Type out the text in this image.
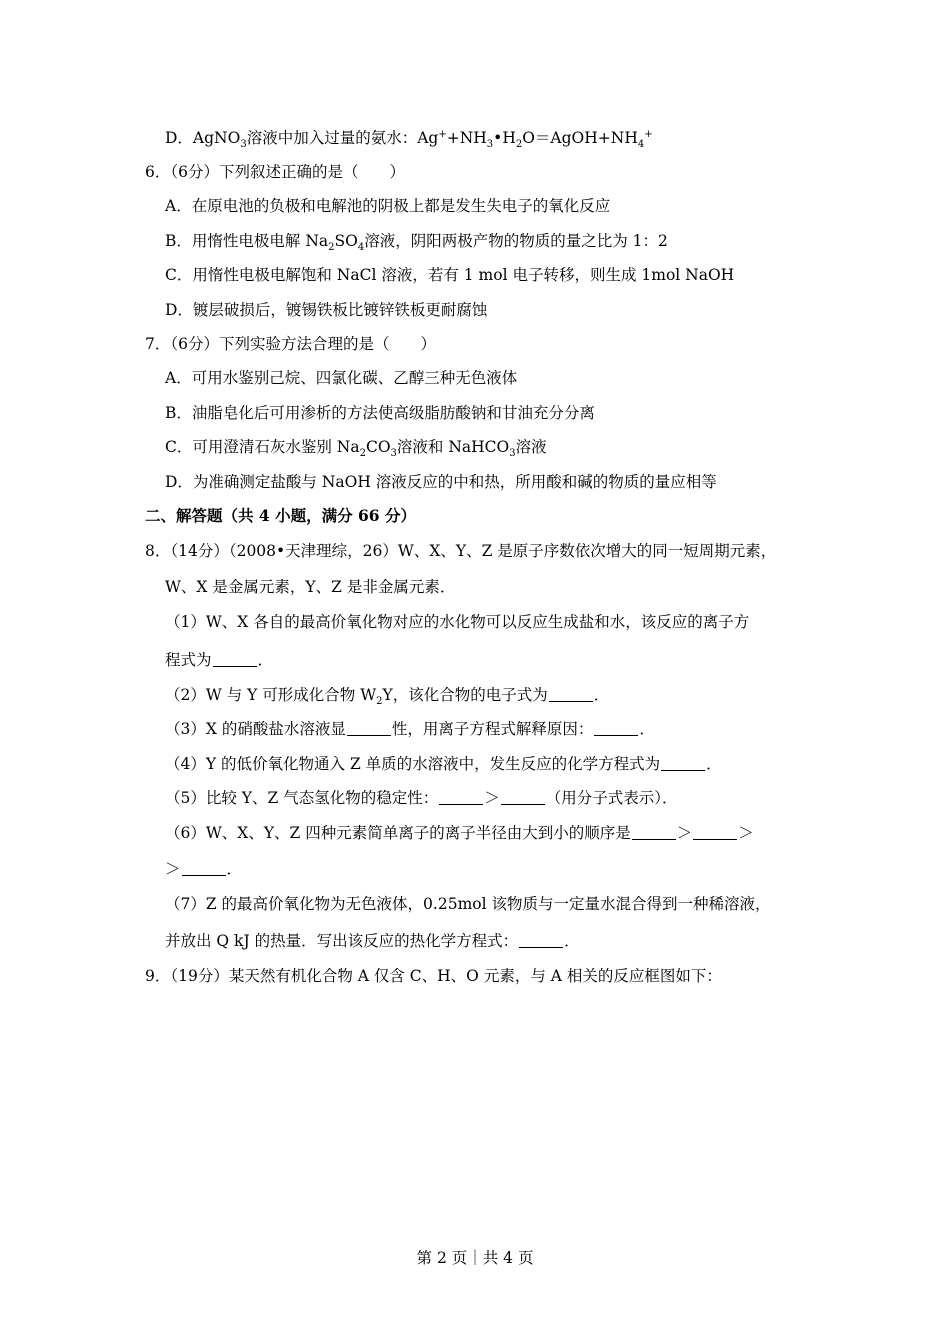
D．AgNO$_3$溶液中加入过量的氨水：$Ag^++NH_3•H_2O=AgOH+NH_4^+$
6．（6分）下列叙述正确的是（　　）
A．在原电池的负极和电解池的阴极上都是发生失电子的氧化反应
B．用惰性电极电解 $Na_2SO_4$溶液，阴阳两极产物的物质的量之比为 1：2
C．用惰性电极电解饱和 NaCl 溶液，若有 1 mol 电子转移，则生成 1mol NaOH
D．镀层破损后，镀锡铁板比镀锌铁板更耐腐蚀
7．（6分）下列实验方法合理的是（　　）
A．可用水鉴别己烷、四氯化碳、乙醇三种无色液体
B．油脂皂化后可用渗析的方法使高级脂肪酸钠和甘油充分分离
C．可用澄清石灰水鉴别 $Na_2CO_3$溶液和 NaHCO$_3$溶液
D．为准确测定盐酸与 NaOH 溶液反应的中和热，所用酸和碱的物质的量应相等
二、解答题（共 4 小题，满分 66 分）
8．（14分）（2008•天津理综，26）W、X、Y、Z 是原子序数依次增大的同一短周期元素，
W、X 是金属元素，Y、Z 是非金属元素．
（1）W、X 各自的最高价氧化物对应的水化物可以反应生成盐和水，该反应的离子方
程式为	．
（2）W 与 Y 可形成化合物 $W_2Y$，该化合物的电子式为	．
（3）X 的硝酸盐水溶液显	性，用离子方程式解释原因：	．
（4）Y 的低价氧化物通入 Z 单质的水溶液中，发生反应的化学方程式为	．
（5）比较 Y、Z 气态氢化物的稳定性：	＞	（用分子式表示）．
（6）W、X、Y、Z 四种元素简单离子的离子半径由大到小的顺序是	＞	＞
＞	．
（7）Z 的最高价氧化物为无色液体，0.25mol 该物质与一定量水混合得到一种稀溶液，
并放出 Q kJ 的热量．写出该反应的热化学方程式：	．
9．（19分）某天然有机化合物 A 仅含 C、H、O 元素，与 A 相关的反应框图如下：
第 2 页｜共 4 页
